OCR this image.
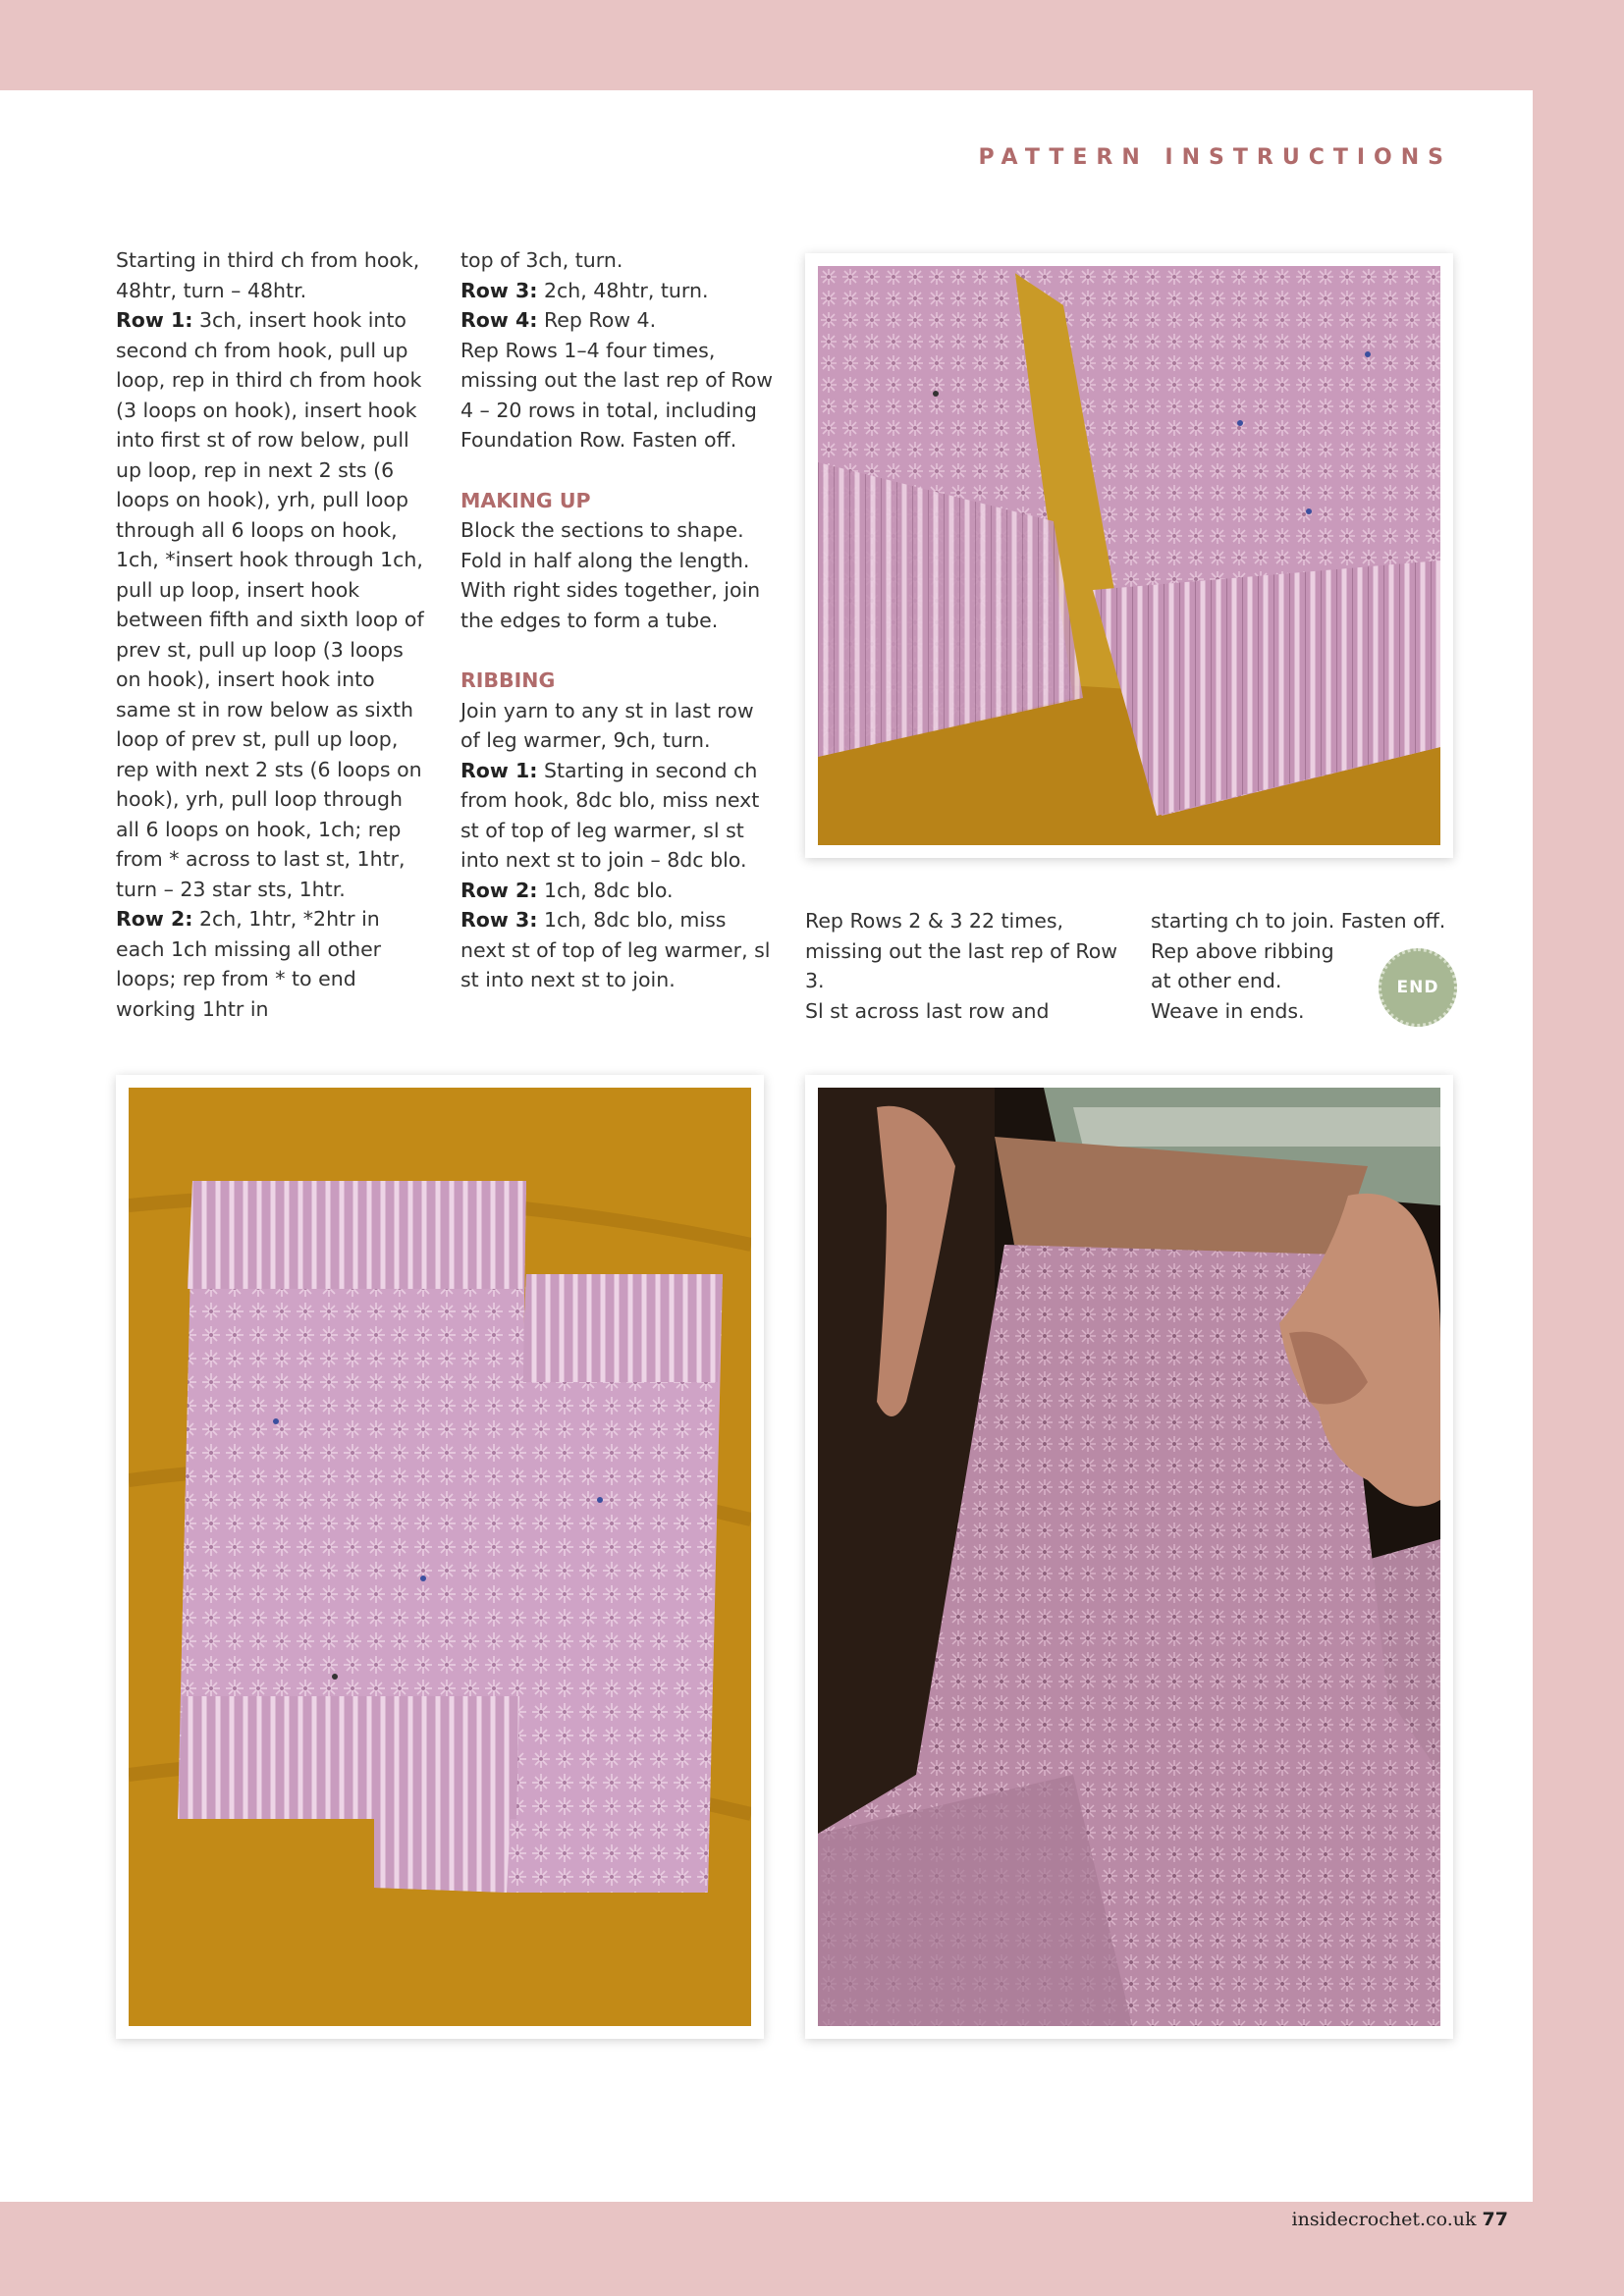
PATTERN INSTRUCTIONS

Starting in third ch from hook, 48htr, turn – 48htr.

Row 1: 3ch, insert hook into second ch from hook, pull up loop, rep in third ch from hook (3 loops on hook), insert hook into first st of row below, pull up loop, rep in next 2 sts (6 loops on hook), yrh, pull loop through all 6 loops on hook, 1ch, *insert hook through 1ch, pull up loop, insert hook between fifth and sixth loop of prev st, pull up loop (3 loops on hook), insert hook into same st in row below as sixth loop of prev st, pull up loop, rep with next 2 sts (6 loops on hook), yrh, pull loop through all 6 loops on hook, 1ch; rep from * across to last st, 1htr, turn – 23 star sts, 1htr.

Row 2: 2ch, 1htr, *2htr in each 1ch missing all other loops; rep from * to end working 1htr in

top of 3ch, turn.

Row 3: 2ch, 48htr, turn.

Row 4: Rep Row 4.

Rep Rows 1–4 four times, missing out the last rep of Row 4 – 20 rows in total, including Foundation Row. Fasten off.

MAKING UP

Block the sections to shape. Fold in half along the length. With right sides together, join the edges to form a tube.

RIBBING

Join yarn to any st in last row of leg warmer, 9ch, turn.

Row 1: Starting in second ch from hook, 8dc blo, miss next st of top of leg warmer, sl st into next st to join – 8dc blo.

Row 2: 1ch, 8dc blo.

Row 3: 1ch, 8dc blo, miss next st of top of leg warmer, sl st into next st to join.

Rep Rows 2 & 3 22 times, missing out the last rep of Row 3.

Sl st across last row and

starting ch to join. Fasten off.

Rep above ribbing at other end.

Weave in ends.

END
insidecrochet.co.uk 77
